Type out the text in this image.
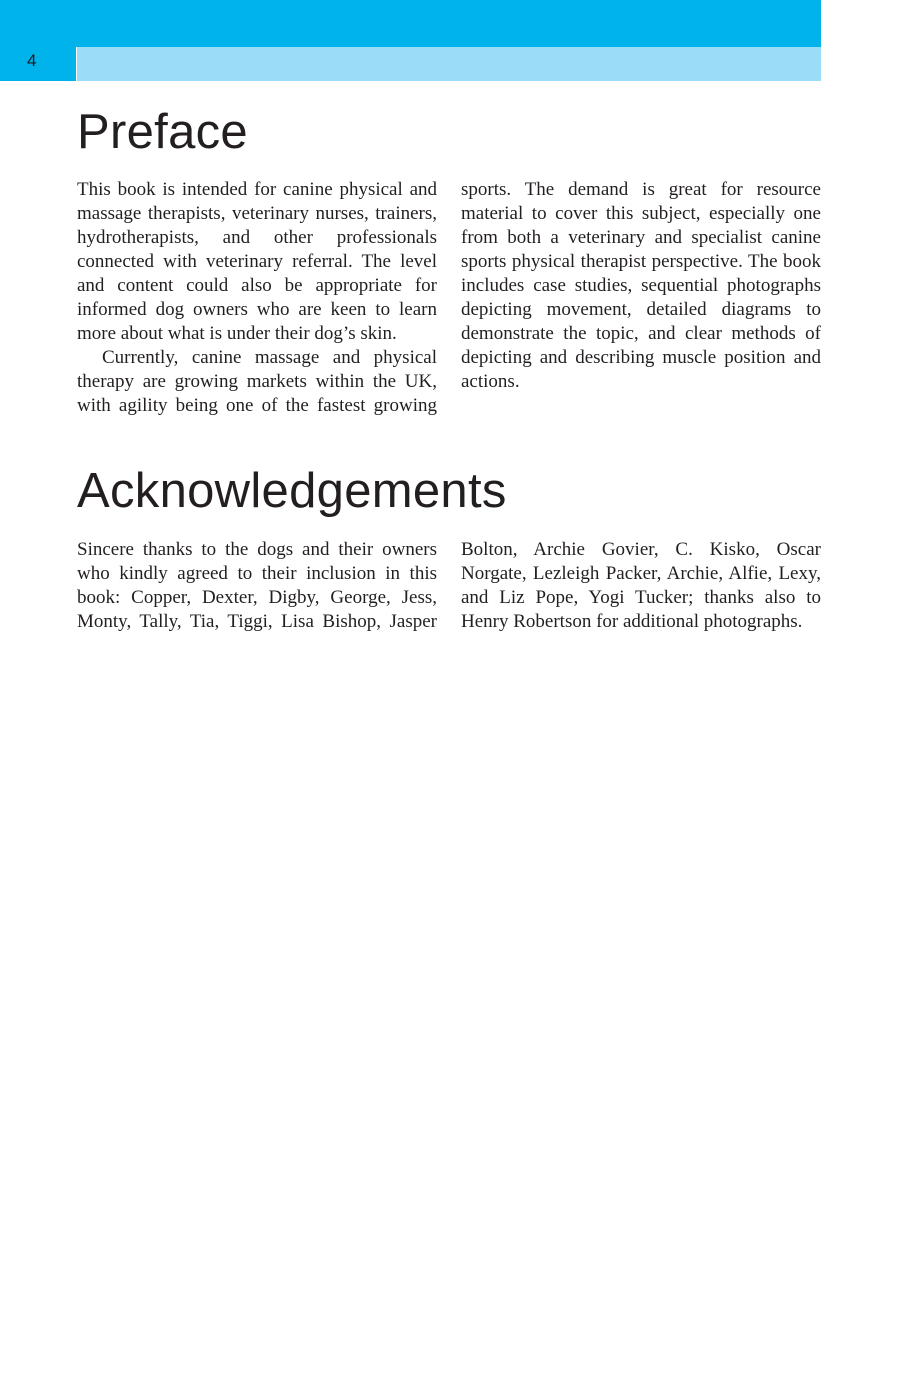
4
Preface

This book is intended for canine physical and massage therapists, veterinary nurses, trainers, hydrotherapists, and other professionals connected with veterinary referral. The level and content could also be appropriate for informed dog owners who are keen to learn more about what is under their dog’s skin.

Currently, canine massage and physical therapy are growing markets within the UK, with agility being one of the fastest growing sports. The demand is great for resource material to cover this subject, especially one from both a veterinary and specialist canine sports physical therapist perspective. The book includes case studies, sequential photographs depicting movement, detailed diagrams to demonstrate the topic, and clear methods of depicting and describing muscle position and actions.

Acknowledgements

Sincere thanks to the dogs and their owners who kindly agreed to their inclusion in this book: Copper, Dexter, Digby, George, Jess, Monty, Tally, Tia, Tiggi, Lisa Bishop, Jasper Bolton, Archie Govier, C. Kisko, Oscar Norgate, Lezleigh Packer, Archie, Alfie, Lexy, and Liz Pope, Yogi Tucker; thanks also to Henry Robertson for additional photographs.
